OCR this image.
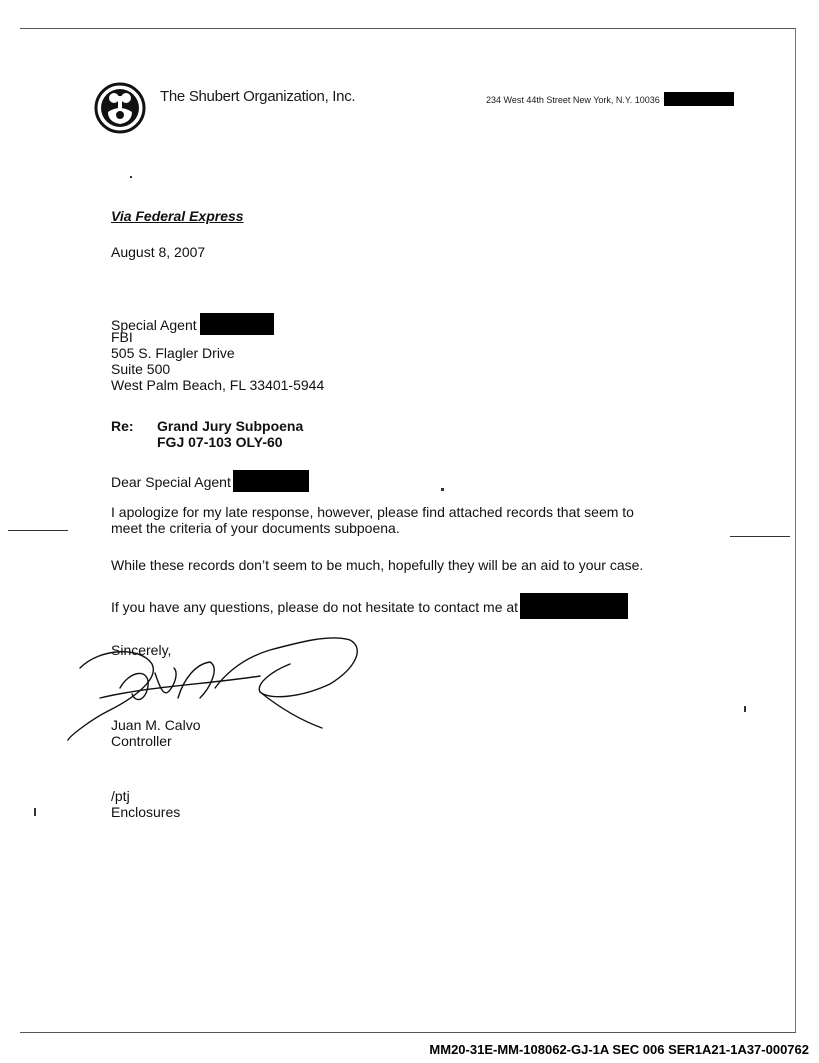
The Shubert Organization, Inc.	234 West 44th Street New York, N.Y. 10036
Via Federal Express
August 8, 2007
Special Agent
FBI
505 S. Flagler Drive
Suite 500
West Palm Beach, FL 33401-5944
Re: Grand Jury Subpoena
FGJ 07-103 OLY-60
Dear Special Agent
I apologize for my late response, however, please find attached records that seem to
meet the criteria of your documents subpoena.
While these records don’t seem to be much, hopefully they will be an aid to your case.
If you have any questions, please do not hesitate to contact me at
Sincerely,
Juan M. Calvo
Controller
/ptj
Enclosures
MM20-31E-MM-108062-GJ-1A SEC 006 SER1A21-1A37-000762
